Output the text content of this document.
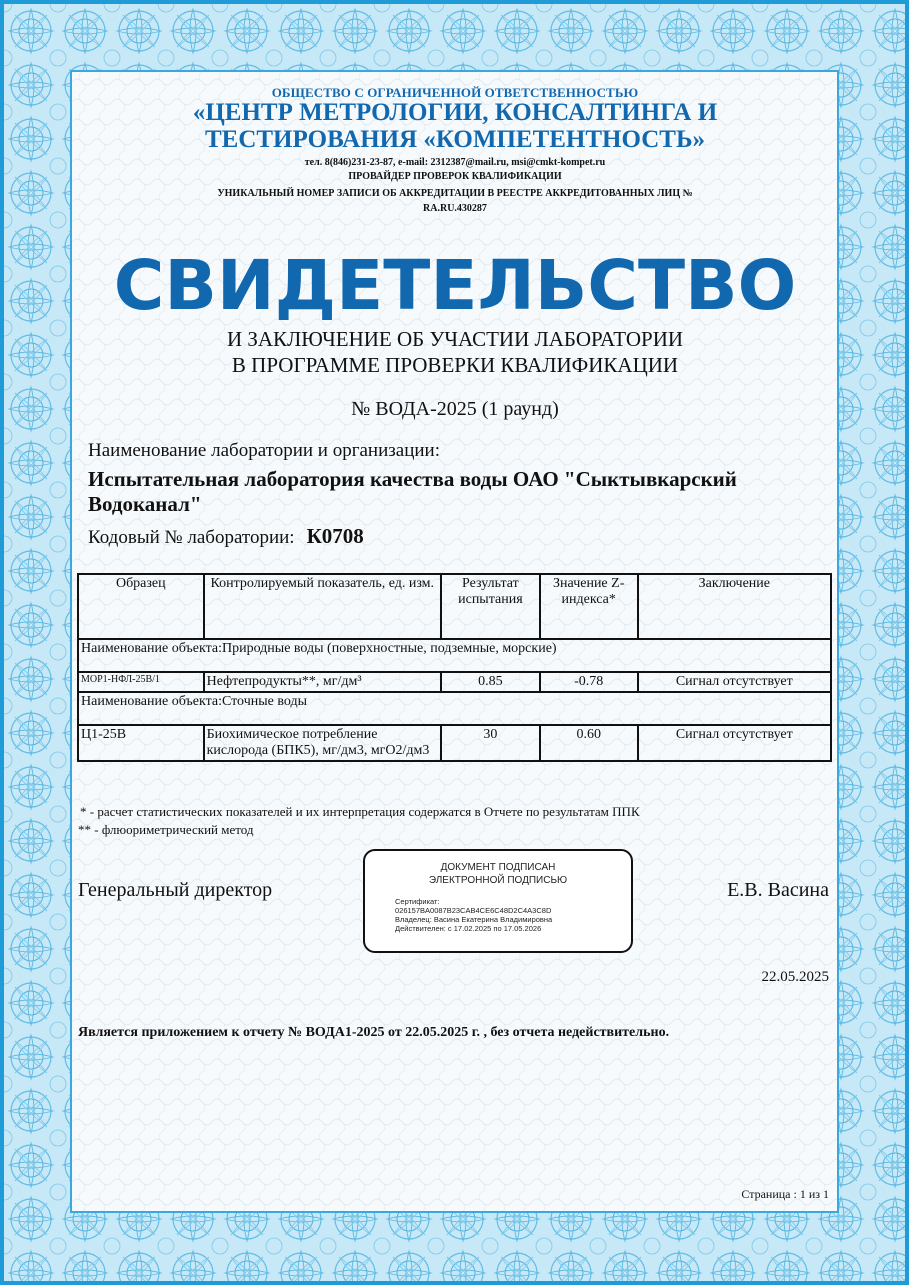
ОБЩЕСТВО С ОГРАНИЧЕННОЙ ОТВЕТСТВЕННОСТЬЮ
«ЦЕНТР МЕТРОЛОГИИ, КОНСАЛТИНГА И
ТЕСТИРОВАНИЯ «КОМПЕТЕНТНОСТЬ»
тел. 8(846)231-23-87, e-mail: 2312387@mail.ru, msi@cmkt-kompet.ru
ПРОВАЙДЕР ПРОВЕРОК КВАЛИФИКАЦИИ
УНИКАЛЬНЫЙ НОМЕР ЗАПИСИ ОБ АККРЕДИТАЦИИ В РЕЕСТРЕ АККРЕДИТОВАННЫХ ЛИЦ №
RA.RU.430287
СВИДЕТЕЛЬСТВО
И ЗАКЛЮЧЕНИЕ ОБ УЧАСТИИ ЛАБОРАТОРИИ
В ПРОГРАММЕ ПРОВЕРКИ КВАЛИФИКАЦИИ
№ ВОДА-2025 (1 раунд)
Наименование лаборатории и организации:
Испытательная лаборатория качества воды ОАО "Сыктывкарский Водоканал"
Кодовый № лаборатории: К0708
Образец	Контролируемый показатель, ед. изм.	Результат испытания	Значение Z-индекса*	Заключение
Наименование объекта:Природные воды (поверхностные, подземные, морские)				
МОР1-НФЛ-25В/1	Нефтепродукты**, мг/дм³	0.85	-0.78	Сигнал отсутствует
Наименование объекта:Сточные воды				
Ц1-25В	Биохимическое потребление кислорода (БПК5), мг/дм3, мгО2/дм3	30	0.60	Сигнал отсутствует
* - расчет статистических показателей и их интерпретация содержатся в Отчете по результатам ППК
** - флюориметрический метод
Генеральный директор
ДОКУМЕНТ ПОДПИСАН
ЭЛЕКТРОННОЙ ПОДПИСЬЮ
Сертификат:
026157BA0087B23CAB4CE6C48D2C4A3C8D
Владелец: Васина Екатерина Владимировна
Действителен: с 17.02.2025 по 17.05.2026
Е.В. Васина
22.05.2025
Является приложением к отчету № ВОДА1-2025 от 22.05.2025 г. , без отчета недействительно.
Страница : 1 из 1
